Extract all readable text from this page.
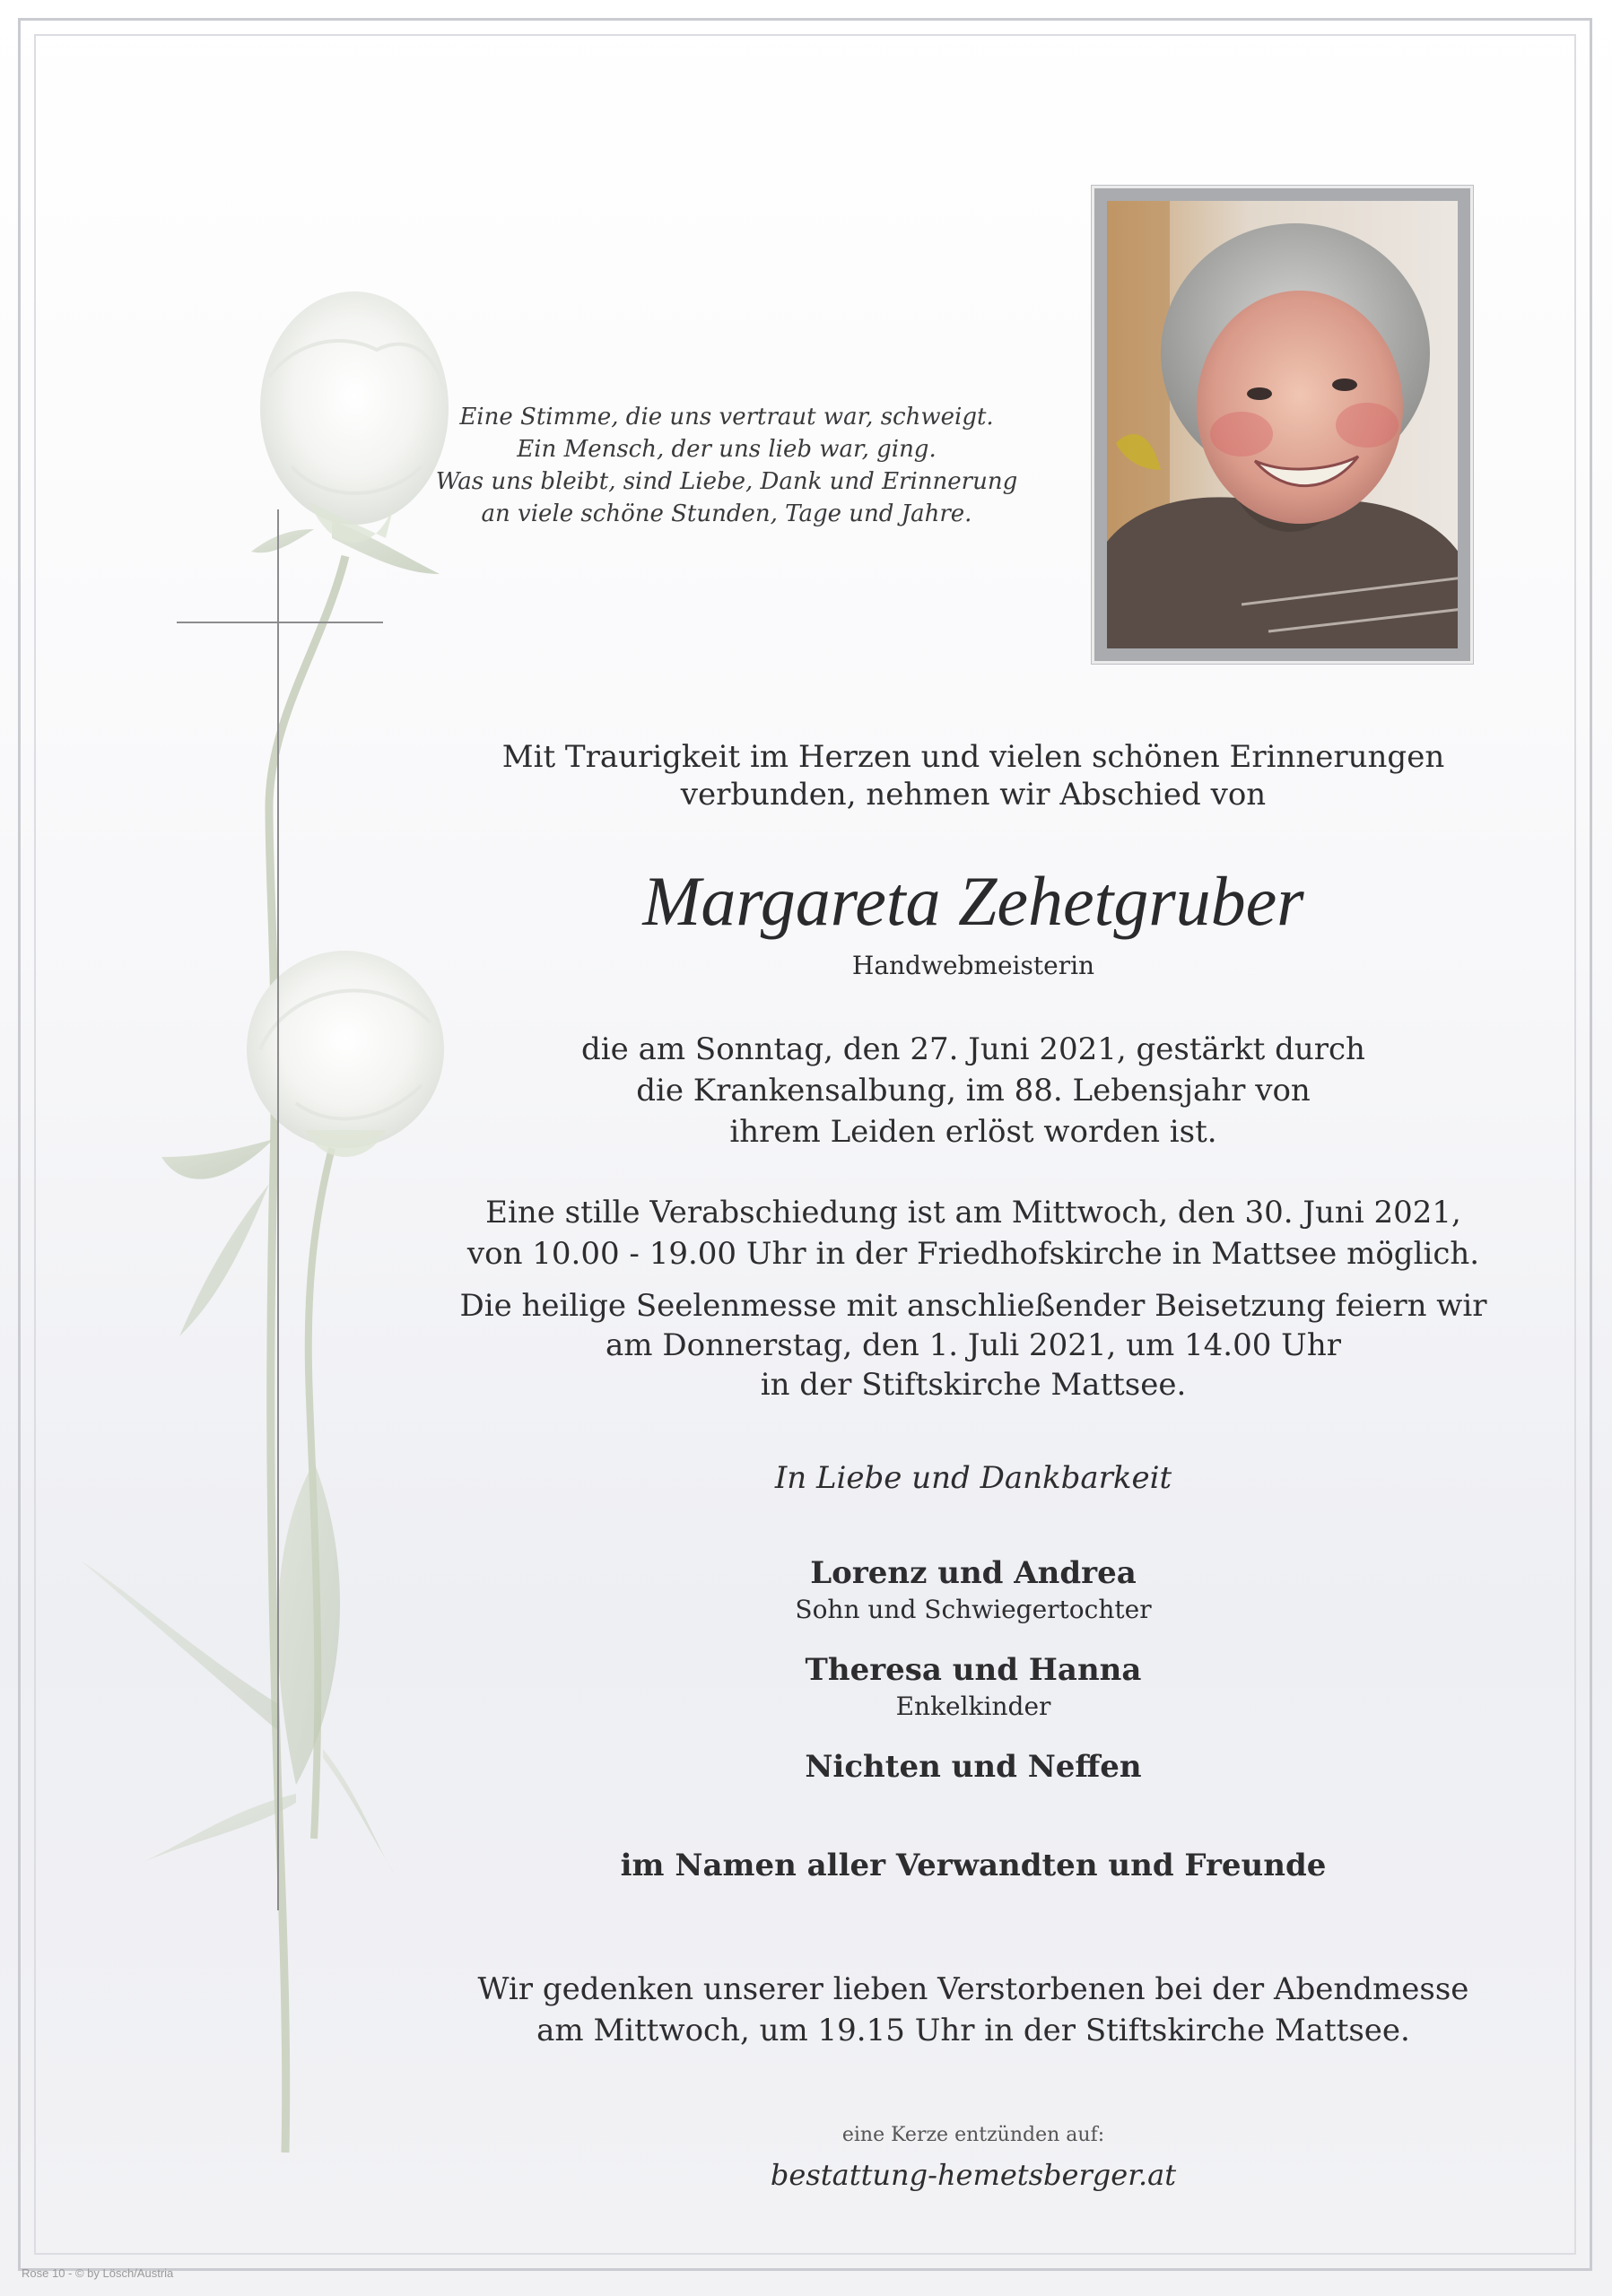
Eine Stimme, die uns vertraut war, schweigt.
Ein Mensch, der uns lieb war, ging.
Was uns bleibt, sind Liebe, Dank und Erinnerung
an viele schöne Stunden, Tage und Jahre.
Mit Traurigkeit im Herzen und vielen schönen Erinnerungen
verbunden, nehmen wir Abschied von
Margareta Zehetgruber
Handwebmeisterin
die am Sonntag, den 27. Juni 2021, gestärkt durch
die Krankensalbung, im 88. Lebensjahr von
ihrem Leiden erlöst worden ist.
Eine stille Verabschiedung ist am Mittwoch, den 30. Juni 2021,
von 10.00 - 19.00 Uhr in der Friedhofskirche in Mattsee möglich.
Die heilige Seelenmesse mit anschließender Beisetzung feiern wir
am Donnerstag, den 1. Juli 2021, um 14.00 Uhr
in der Stiftskirche Mattsee.
In Liebe und Dankbarkeit
Lorenz und Andrea
Sohn und Schwiegertochter
Theresa und Hanna
Enkelkinder
Nichten und Neffen
im Namen aller Verwandten und Freunde
Wir gedenken unserer lieben Verstorbenen bei der Abendmesse
am Mittwoch, um 19.15 Uhr in der Stiftskirche Mattsee.
eine Kerze entzünden auf:
bestattung-hemetsberger.at
Rose 10 - © by Lösch/Austria
